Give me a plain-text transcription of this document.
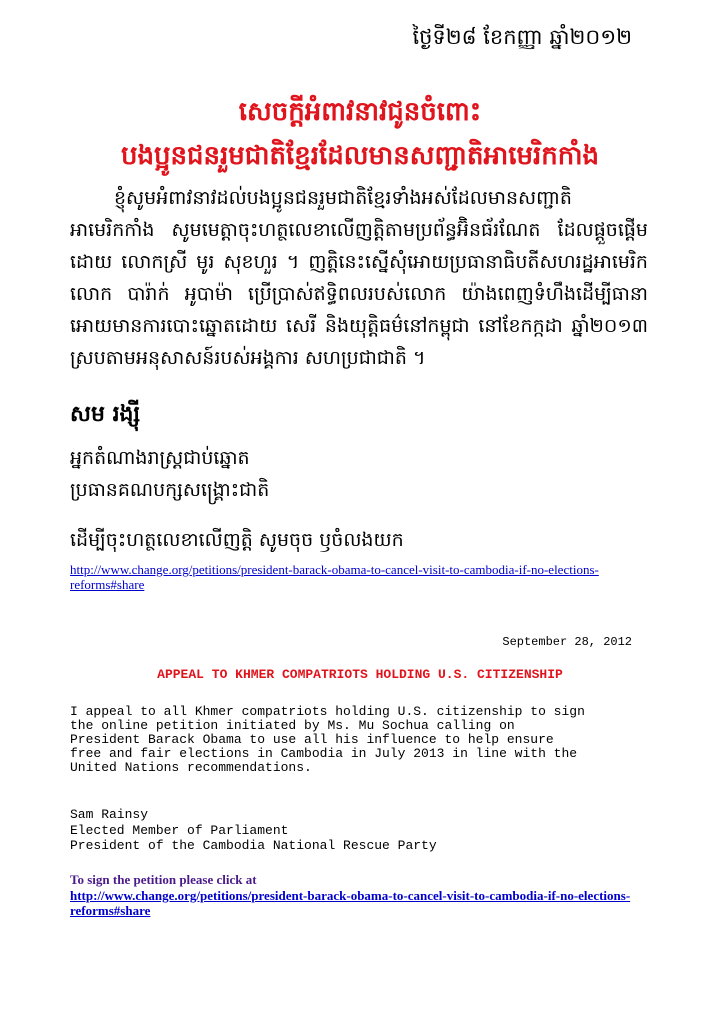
ថ្ងៃទី២៨ ខែកញ្ញា ឆ្នាំ២០១២
សេចក្តីអំពាវនាវជូនចំពោះ
បងប្អូនជនរួមជាតិខ្មែរដែលមានសញ្ជាតិអាមេរិកកាំង
ខ្ញុំសូមអំពាវនាវដល់បងប្អូនជនរួមជាតិខ្មែរទាំងអស់ដែលមានសញ្ជាតិអាមេរិកកាំង សូមមេត្តាចុះហត្ថលេខាលើញត្តិតាមប្រព័ន្ធអ៊ិនធ័រណែត ដែលផ្តួចផ្តើមដោយ លោកស្រី មូរ សុខហួរ ។ ញត្តិនេះស្នើសុំអោយប្រធានាធិបតីសហរដ្ឋអាមេរិក លោក បារ៉ាក់ អូបាម៉ា ប្រើប្រាស់ឥទ្ធិពលរបស់លោក យ៉ាងពេញទំហឹងដើម្បីធានាអោយមានការបោះឆ្នោតដោយ សេរី និងយុត្តិធម៌នៅកម្ពុជា នៅខែកក្កដា ឆ្នាំ២០១៣ ស្របតាមអនុសាសន៍របស់អង្គការ សហប្រជាជាតិ ។
សម រង្ស៊ី
អ្នកតំណាងរាស្ត្រជាប់ឆ្នោត
ប្រធានគណបក្សសង្គ្រោះជាតិ
ដើម្បីចុះហត្ថលេខាលើញត្តិ សូមចុច ឫចំលងយក
http://www.change.org/petitions/president-barack-obama-to-cancel-visit-to-cambodia-if-no-elections-reforms#share
September 28, 2012
APPEAL TO KHMER COMPATRIOTS HOLDING U.S. CITIZENSHIP
I appeal to all Khmer compatriots holding U.S. citizenship to sign
the online petition initiated by Ms. Mu Sochua calling on
President Barack Obama to use all his influence to help ensure
free and fair elections in Cambodia in July 2013 in line with the
United Nations recommendations.
Sam Rainsy
Elected Member of Parliament
President of the Cambodia National Rescue Party
To sign the petition please click at
http://www.change.org/petitions/president-barack-obama-to-cancel-visit-to-cambodia-if-no-elections-reforms#share
